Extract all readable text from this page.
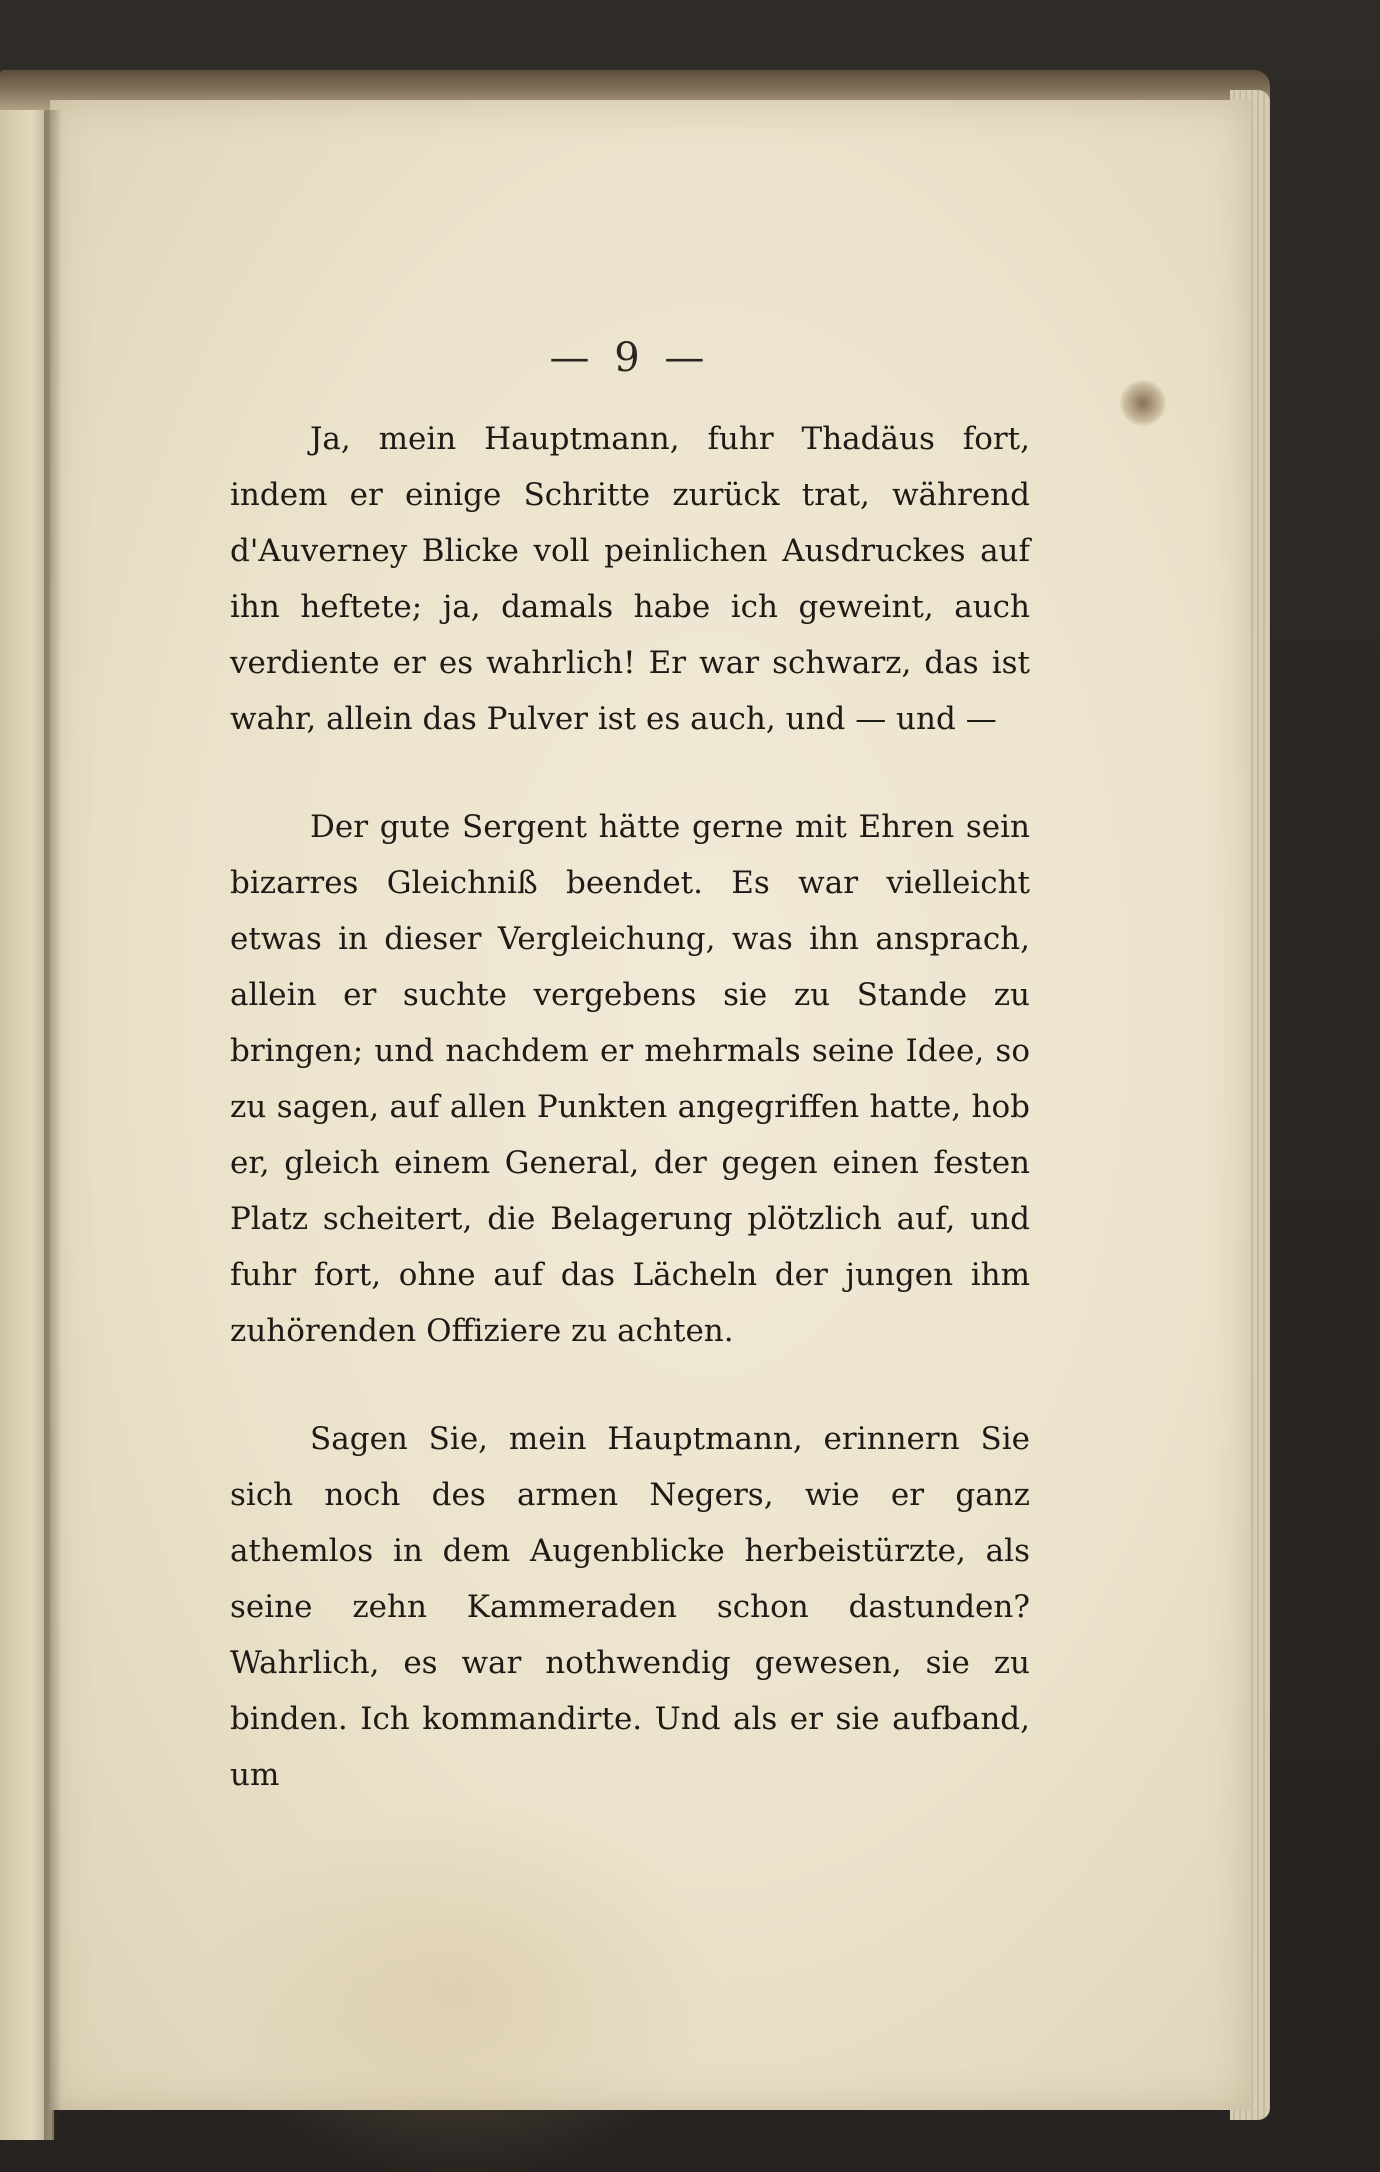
— 9 —

Ja, mein Hauptmann, fuhr Thadäus fort, indem er einige Schritte zurück trat, während d'Auverney Blicke voll peinlichen Ausdruckes auf ihn heftete; ja, damals habe ich geweint, auch verdiente er es wahrlich! Er war schwarz, das ist wahr, allein das Pulver ist es auch, und — und —

Der gute Sergent hätte gerne mit Ehren sein bizarres Gleichniß beendet. Es war vielleicht etwas in dieser Vergleichung, was ihn ansprach, allein er suchte vergebens sie zu Stande zu bringen; und nachdem er mehrmals seine Idee, so zu sagen, auf allen Punkten angegriffen hatte, hob er, gleich einem General, der gegen einen festen Platz scheitert, die Belagerung plötzlich auf, und fuhr fort, ohne auf das Lächeln der jungen ihm zuhörenden Offiziere zu achten.

Sagen Sie, mein Hauptmann, erinnern Sie sich noch des armen Negers, wie er ganz athemlos in dem Augenblicke herbeistürzte, als seine zehn Kammeraden schon dastunden? Wahrlich, es war nothwendig gewesen, sie zu binden. Ich kommandirte. Und als er sie aufband, um
